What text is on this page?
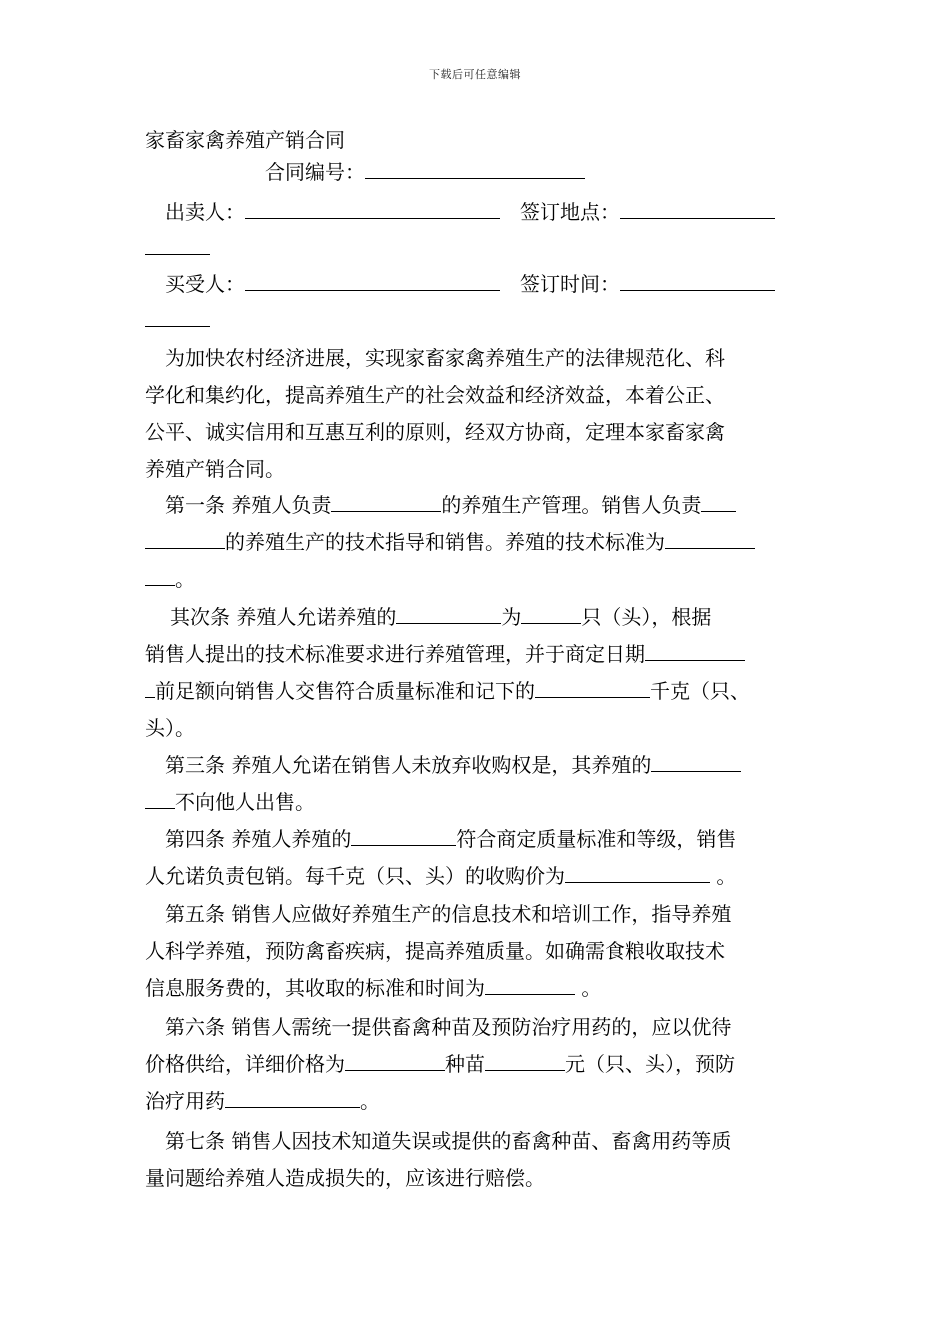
下载后可任意编辑
家畜家禽养殖产销合同
合同编号：
出卖人：	　签订地点：
买受人：	　签订时间：
为加快农村经济进展，实现家畜家禽养殖生产的法律规范化、科
学化和集约化，提高养殖生产的社会效益和经济效益，本着公正、
公平、诚实信用和互惠互利的原则，经双方协商，定理本家畜家禽
养殖产销合同。
第一条 养殖人负责	的养殖生产管理。销售人负责
的养殖生产的技术指导和销售。养殖的技术标准为
。
其次条 养殖人允诺养殖的	为	只（头），根据
销售人提出的技术标准要求进行养殖管理，并于商定日期
前足额向销售人交售符合质量标准和记下的	千克（只、
头）。
第三条 养殖人允诺在销售人未放弃收购权是，其养殖的
不向他人出售。
第四条 养殖人养殖的	符合商定质量标准和等级，销售
人允诺负责包销。每千克（只、头）的收购价为	。
第五条 销售人应做好养殖生产的信息技术和培训工作，指导养殖
人科学养殖，预防禽畜疾病，提高养殖质量。如确需食粮收取技术
信息服务费的，其收取的标准和时间为	。
第六条 销售人需统一提供畜禽种苗及预防治疗用药的，应以优待
价格供给，详细价格为	种苗	元（只、头），预防
治疗用药	。
第七条 销售人因技术知道失误或提供的畜禽种苗、畜禽用药等质
量问题给养殖人造成损失的，应该进行赔偿。
